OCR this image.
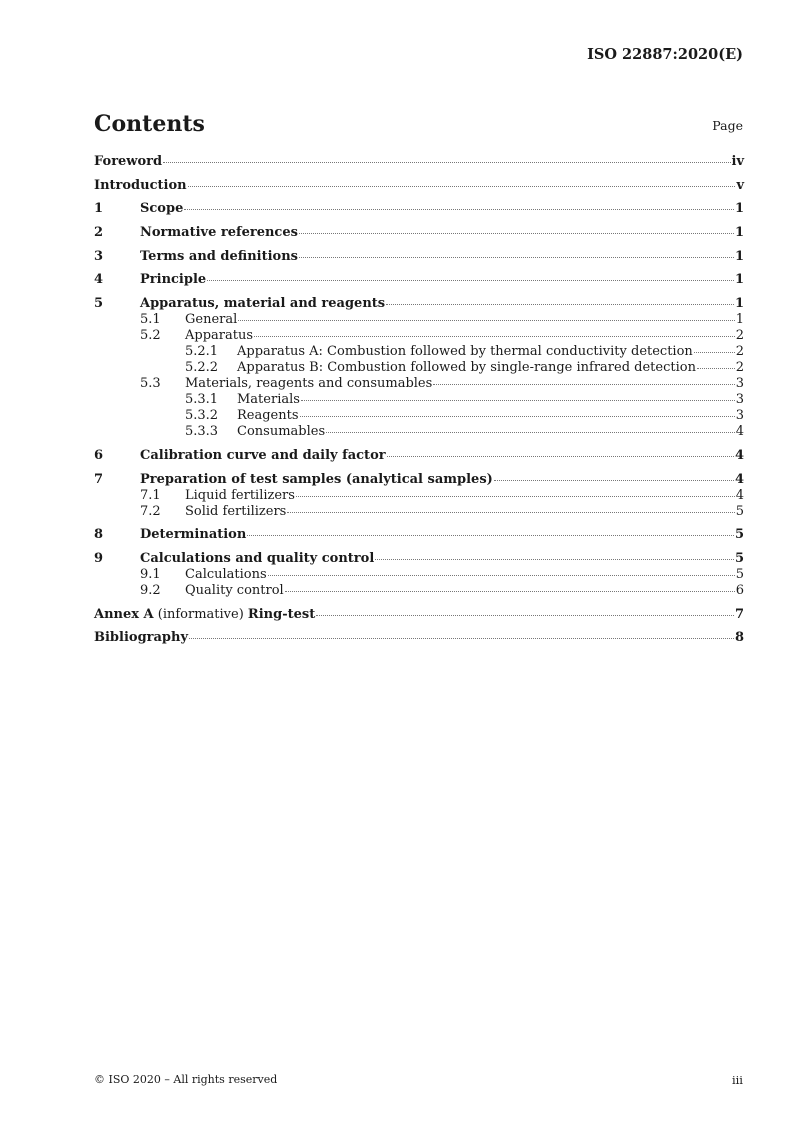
ISO 22887:2020(E)
Contents	Page
Foreword	iv
Introduction	v
1	Scope	1
2	Normative references	1
3	Terms and definitions	1
4	Principle	1
5	Apparatus, material and reagents	1
5.1	General	1
5.2	Apparatus	2
5.2.1	Apparatus A: Combustion followed by thermal conductivity detection	2
5.2.2	Apparatus B: Combustion followed by single-range infrared detection	2
5.3	Materials, reagents and consumables	3
5.3.1	Materials	3
5.3.2	Reagents	3
5.3.3	Consumables	4
6	Calibration curve and daily factor	4
7	Preparation of test samples (analytical samples)	4
7.1	Liquid fertilizers	4
7.2	Solid fertilizers	5
8	Determination	5
9	Calculations and quality control	5
9.1	Calculations	5
9.2	Quality control	6
Annex A (informative) Ring-test	7
Bibliography	8
© ISO 2020 – All rights reserved	iii
